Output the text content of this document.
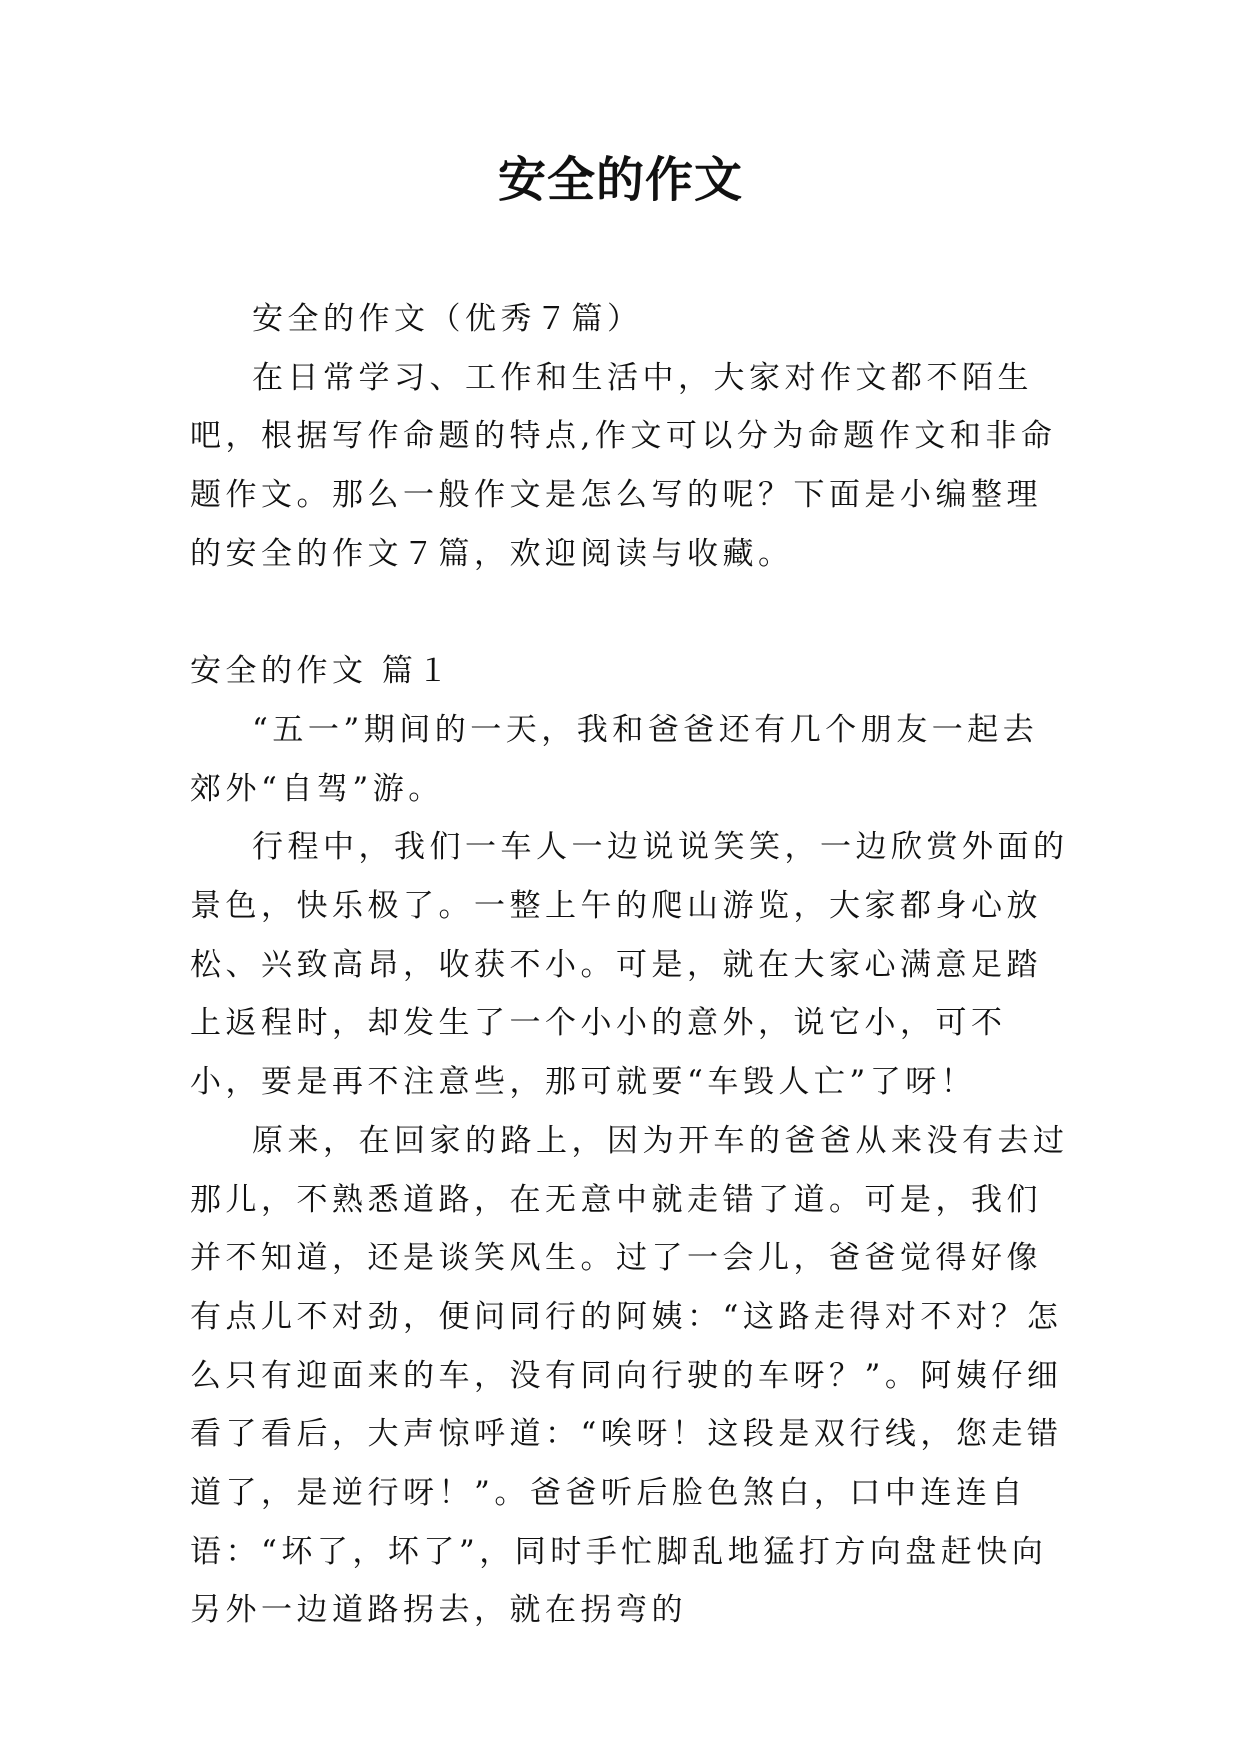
安全的作文

安全的作文（优秀７篇）

在日常学习、工作和生活中，大家对作文都不陌生吧，根据写作命题的特点,作文可以分为命题作文和非命题作文。那么一般作文是怎么写的呢？下面是小编整理的安全的作文７篇，欢迎阅读与收藏。

安全的作文 篇１

“五一”期间的一天，我和爸爸还有几个朋友一起去郊外“自驾”游。

行程中，我们一车人一边说说笑笑，一边欣赏外面的景色，快乐极了。一整上午的爬山游览，大家都身心放松、兴致高昂，收获不小。可是，就在大家心满意足踏上返程时，却发生了一个小小的意外，说它小，可不小，要是再不注意些，那可就要“车毁人亡”了呀！

原来，在回家的路上，因为开车的爸爸从来没有去过那儿，不熟悉道路，在无意中就走错了道。可是，我们并不知道，还是谈笑风生。过了一会儿，爸爸觉得好像有点儿不对劲，便问同行的阿姨：“这路走得对不对？怎么只有迎面来的车，没有同向行驶的车呀？”。阿姨仔细看了看后，大声惊呼道：“唉呀！这段是双行线，您走错道了，是逆行呀！”。爸爸听后脸色煞白，口中连连自语：“坏了，坏了”，同时手忙脚乱地猛打方向盘赶快向另外一边道路拐去，就在拐弯的
